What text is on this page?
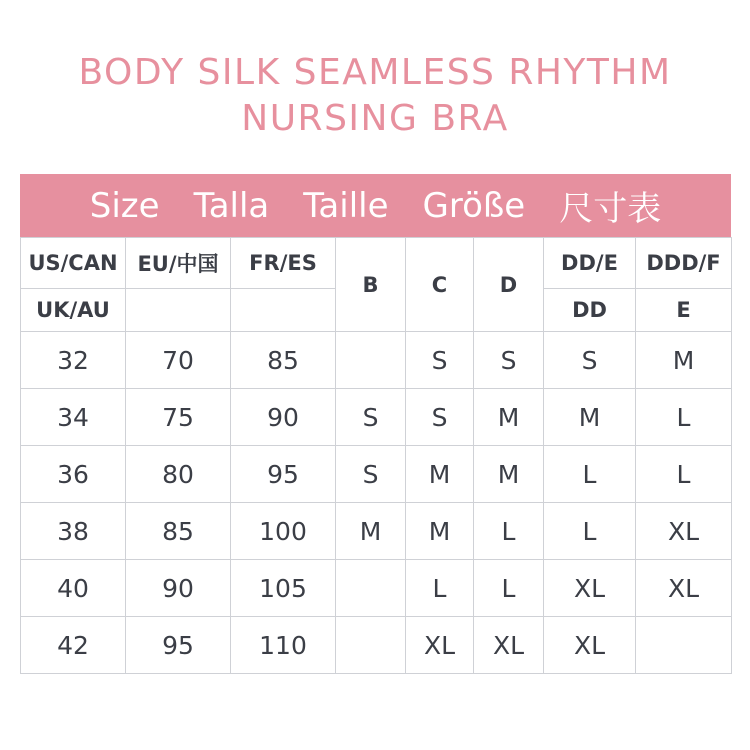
BODY SILK SEAMLESS RHYTHM
NURSING BRA
Size Talla Taille Größe 尺寸表
US/CAN	EU/中国	FR/ES	B	C	D	DD/E	DDD/F
UK/AU						DD	E
32	70	85		S	S	S	M
34	75	90	S	S	M	M	L
36	80	95	S	M	M	L	L
38	85	100	M	M	L	L	XL
40	90	105		L	L	XL	XL
42	95	110		XL	XL	XL	
